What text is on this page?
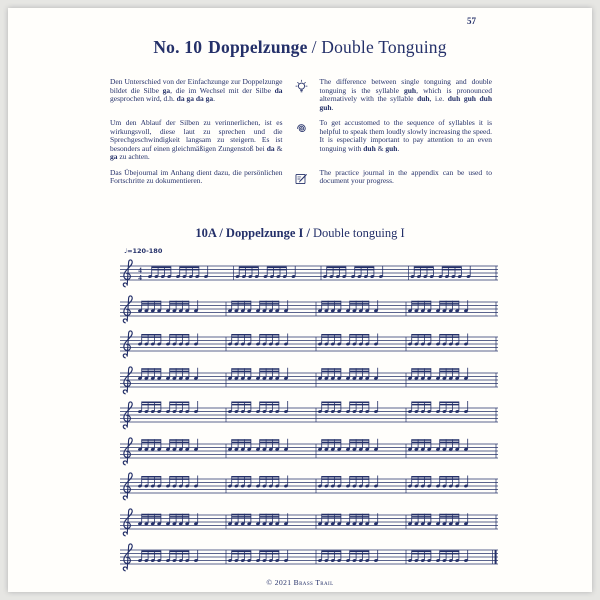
57
No. 10 Doppelzunge / Double Tonguing
Den Unterschied von der Einfachzunge zur Doppelzunge bildet die Silbe ga, die im Wechsel mit der Silbe da gesprochen wird, d.h. da ga da ga.
The difference between single tonguing and double tonguing is the syllable guh, which is pronounced alternatively with the syllable duh, i.e. duh guh duh guh.
Um den Ablauf der Silben zu verinnerlichen, ist es wirkungsvoll, diese laut zu sprechen und die Sprechgeschwindigkeit langsam zu steigern. Es ist besonders auf einen gleichmäßigen Zungenstoß bei da & ga zu achten.
To get accustomed to the sequence of syllables it is helpful to speak them loudly slowly increasing the speed. It is especially important to pay attention to an even tonguing with duh & guh.
Das Übejournal im Anhang dient dazu, die persönlichen Fortschritte zu dokumentieren.
The practice journal in the appendix can be used to document your progress.
10A / Doppelzunge I / Double tonguing I
♩=120-180
4
4
© 2021 Brass Trail
